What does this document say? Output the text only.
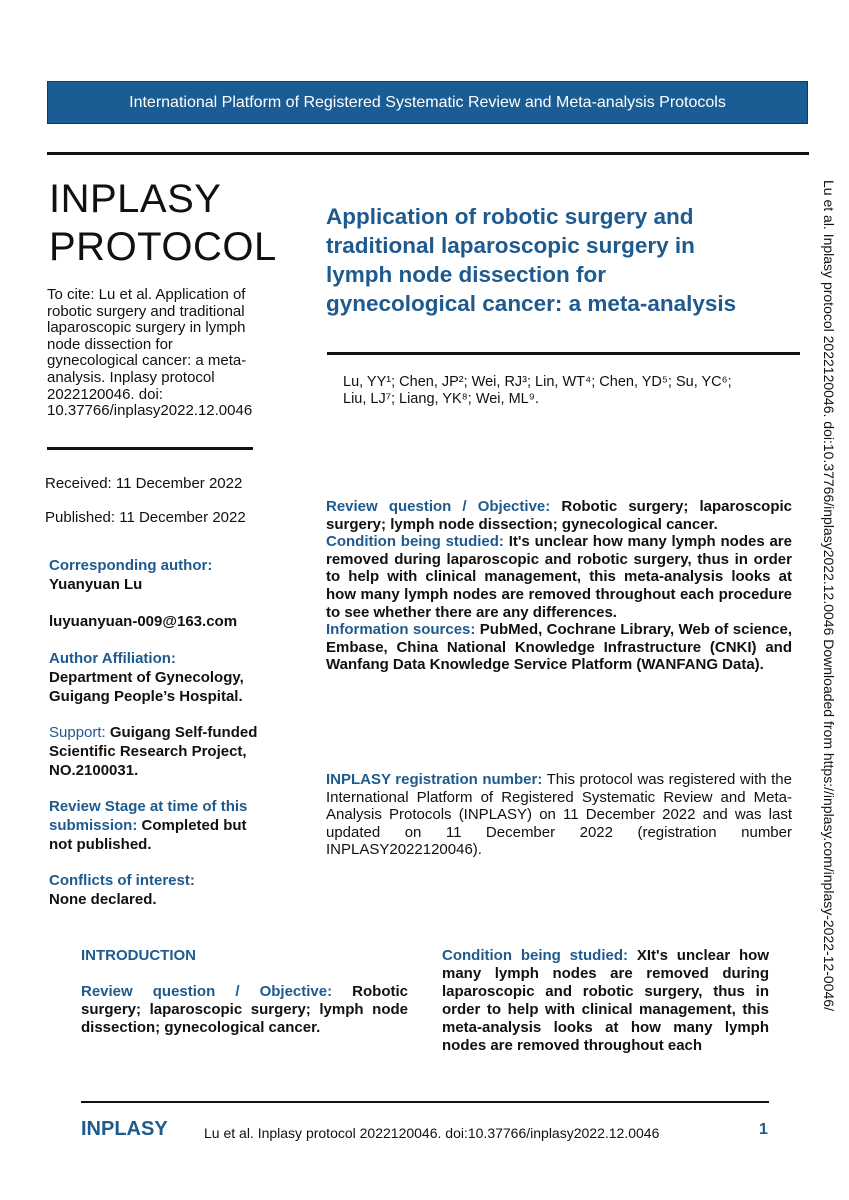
International Platform of Registered Systematic Review and Meta-analysis Protocols
INPLASY
PROTOCOL
To cite: Lu et al. Application of
robotic surgery and traditional
laparoscopic surgery in lymph
node dissection for
gynecological cancer: a meta-
analysis. Inplasy protocol
2022120046. doi:
10.37766/inplasy2022.12.0046
Received: 11 December 2022
Published: 11 December 2022
Corresponding author:
Yuanyuan Lu
luyuanyuan-009@163.com
Author Affiliation:
Department of Gynecology,
Guigang People’s Hospital.
Support: Guigang Self-funded
Scientific Research Project,
NO.2100031.
Review Stage at time of this
submission: Completed but
not published.
Conflicts of interest:
None declared.
Application of robotic surgery and
traditional laparoscopic surgery in
lymph node dissection for
gynecological cancer: a meta-analysis
Lu, YY¹; Chen, JP²; Wei, RJ³; Lin, WT⁴; Chen, YD⁵; Su, YC⁶;
Liu, LJ⁷; Liang, YK⁸; Wei, ML⁹.
Review question / Objective: Robotic surgery; laparoscopic surgery; lymph node dissection; gynecological cancer.
Condition being studied: It's unclear how many lymph nodes are removed during laparoscopic and robotic surgery, thus in order to help with clinical management, this meta-analysis looks at how many lymph nodes are removed throughout each procedure to see whether there are any differences.
Information sources: PubMed, Cochrane Library, Web of science, Embase, China National Knowledge Infrastructure (CNKI) and Wanfang Data Knowledge Service Platform (WANFANG Data).
INPLASY registration number: This protocol was registered with the International Platform of Registered Systematic Review and Meta-Analysis Protocols (INPLASY) on 11 December 2022 and was last updated on 11 December 2022 (registration number INPLASY2022120046).
INTRODUCTION
Review question / Objective: Robotic surgery; laparoscopic surgery; lymph node dissection; gynecological cancer.
Condition being studied: XIt's unclear how many lymph nodes are removed during laparoscopic and robotic surgery, thus in order to help with clinical management, this meta-analysis looks at how many lymph nodes are removed throughout each
Lu et al. Inplasy protocol 2022120046. doi:10.37766/inplasy2022.12.0046 Downloaded from https://inplasy.com/inplasy-2022-12-0046/
INPLASY	Lu et al. Inplasy protocol 2022120046. doi:10.37766/inplasy2022.12.0046	1
